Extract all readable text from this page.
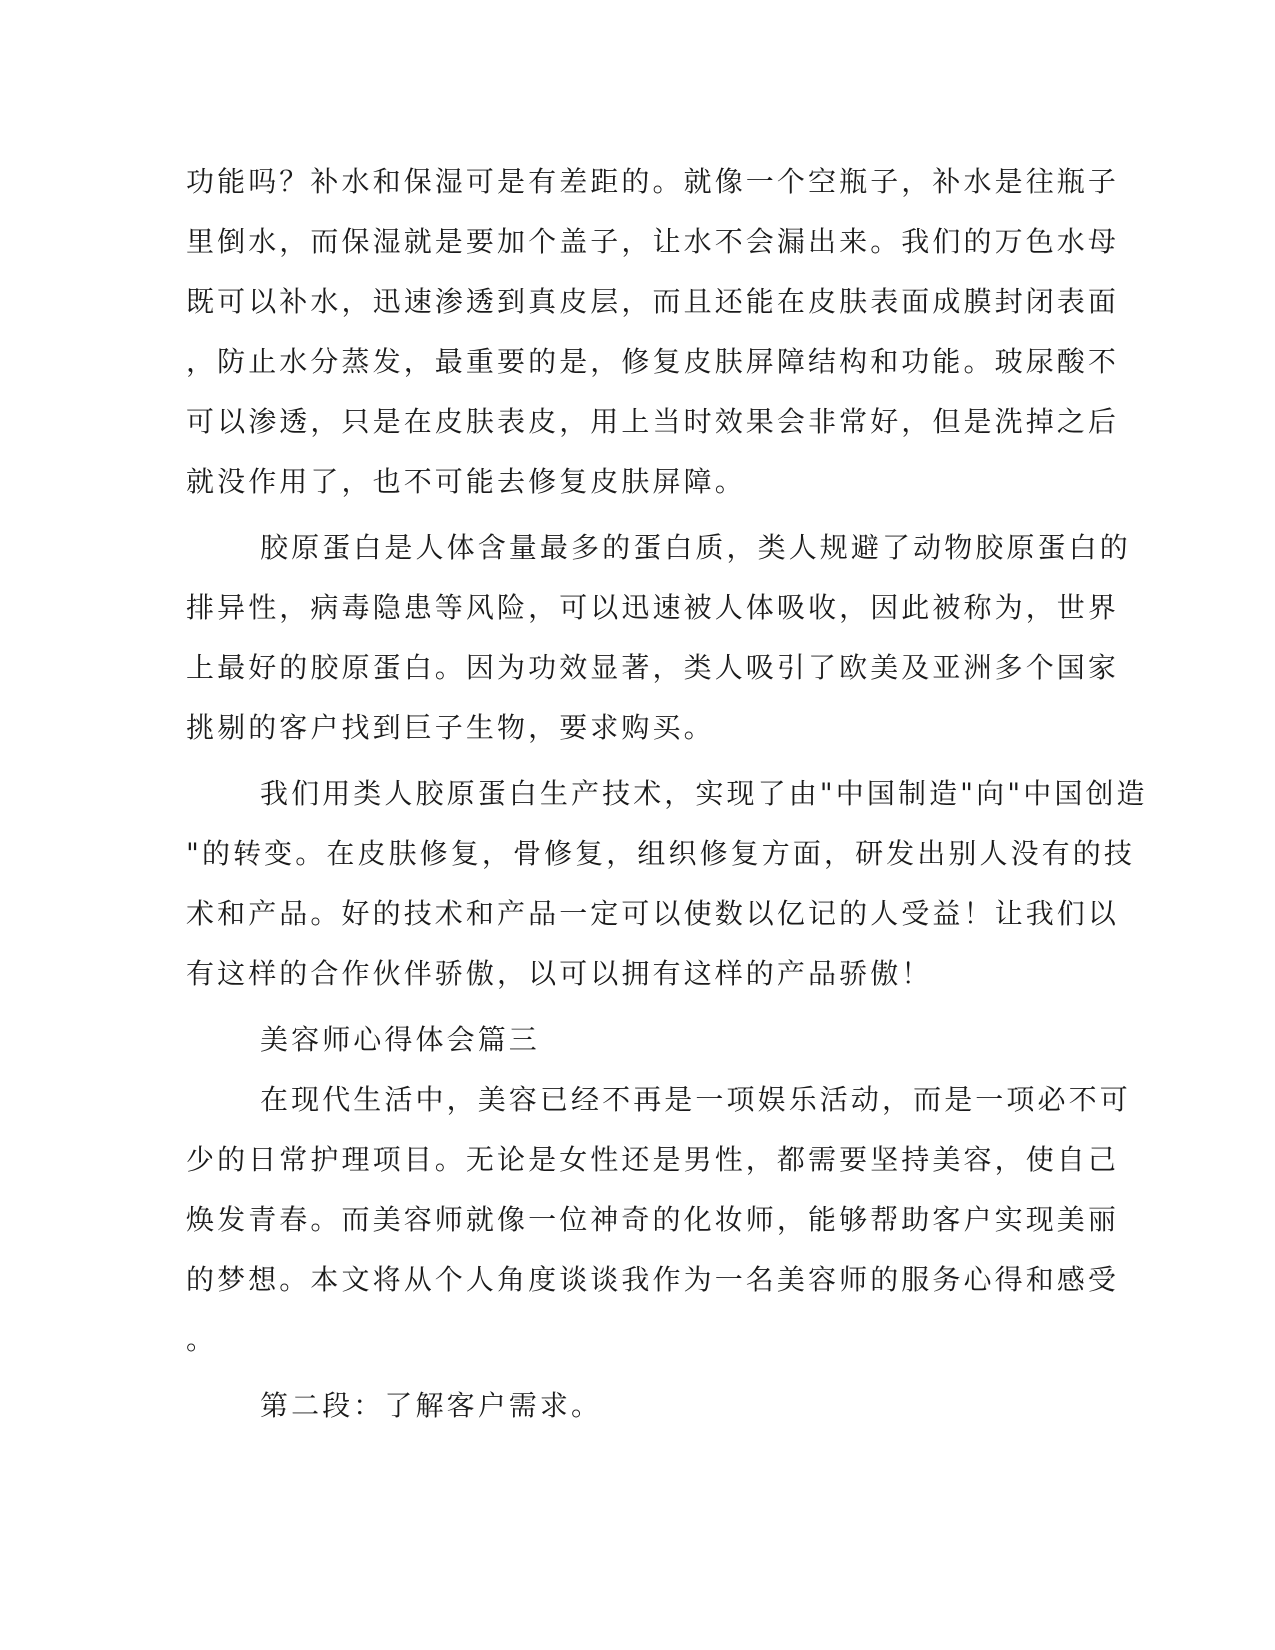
功能吗？补水和保湿可是有差距的。就像一个空瓶子，补水是往瓶子

里倒水，而保湿就是要加个盖子，让水不会漏出来。我们的万色水母

既可以补水，迅速渗透到真皮层，而且还能在皮肤表面成膜封闭表面

，防止水分蒸发，最重要的是，修复皮肤屏障结构和功能。玻尿酸不

可以渗透，只是在皮肤表皮，用上当时效果会非常好，但是洗掉之后

就没作用了，也不可能去修复皮肤屏障。

胶原蛋白是人体含量最多的蛋白质，类人规避了动物胶原蛋白的

排异性，病毒隐患等风险，可以迅速被人体吸收，因此被称为，世界

上最好的胶原蛋白。因为功效显著，类人吸引了欧美及亚洲多个国家

挑剔的客户找到巨子生物，要求购买。

我们用类人胶原蛋白生产技术，实现了由"中国制造"向"中国创造

"的转变。在皮肤修复，骨修复，组织修复方面，研发出别人没有的技

术和产品。好的技术和产品一定可以使数以亿记的人受益！让我们以

有这样的合作伙伴骄傲，以可以拥有这样的产品骄傲！

美容师心得体会篇三

在现代生活中，美容已经不再是一项娱乐活动，而是一项必不可

少的日常护理项目。无论是女性还是男性，都需要坚持美容，使自己

焕发青春。而美容师就像一位神奇的化妆师，能够帮助客户实现美丽

的梦想。本文将从个人角度谈谈我作为一名美容师的服务心得和感受

。

第二段：了解客户需求。
